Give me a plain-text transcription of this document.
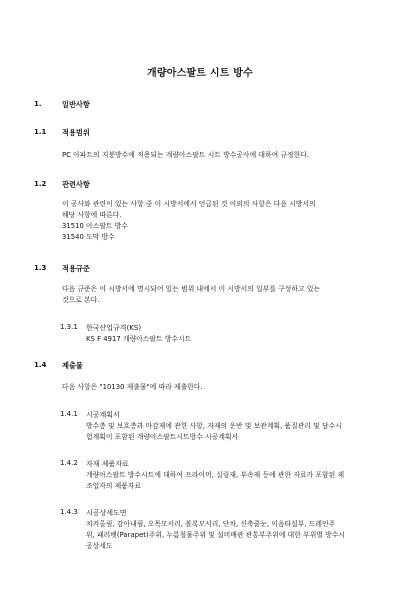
개량아스팔트 시트 방수
1.	일반사항
1.1 적용범위
PC 아파트의 지붕방수에 적용되는 개량아스팔트 시트 방수공사에 대하여 규정한다.
1.2 관련사항
이 공사와 관련이 있는 사항 중 이 시방서에서 언급된 것 이외의 사항은 다음 시방서의
해당 사항에 따른다.
31510 아스팔트 방수
31540 도막 방수
1.3 적용규준
다음 규준은 이 시방서에 명시되어 있는 범위 내에서 이 시방서의 일부를 구성하고 있는
것으로 본다.
1.3.1 한국산업규격(KS)
KS F 4917 개량아스팔트 방수시트
1.4 제출물
다음 사항은 "10130 제출물"에 따라 제출한다.
1.4.1 시공계획서
방수층 및 보호층과 마감재에 관한 사항, 자재의 운반 및 보관계획, 품질관리 및 담수시
험계획이 포함된 개량아스팔트시트방수 시공계획서
1.4.2 자재 제품자료
개량아스팔트 방수시트에 대하여 프라이머, 실링재, 부속재 등에 관한 자료가 포함된 제
조업자의 제품자료
1.4.3 시공상세도면
치켜올림, 감아내림, 오목모서리, 볼록모서리, 단차, 신축줄눈, 이음타설부, 드레인주
위, 패러펫(Parapet)주위, 누름철물주위 및 설비배관 관통부주위에 대한 부위별 방수시
공상세도
